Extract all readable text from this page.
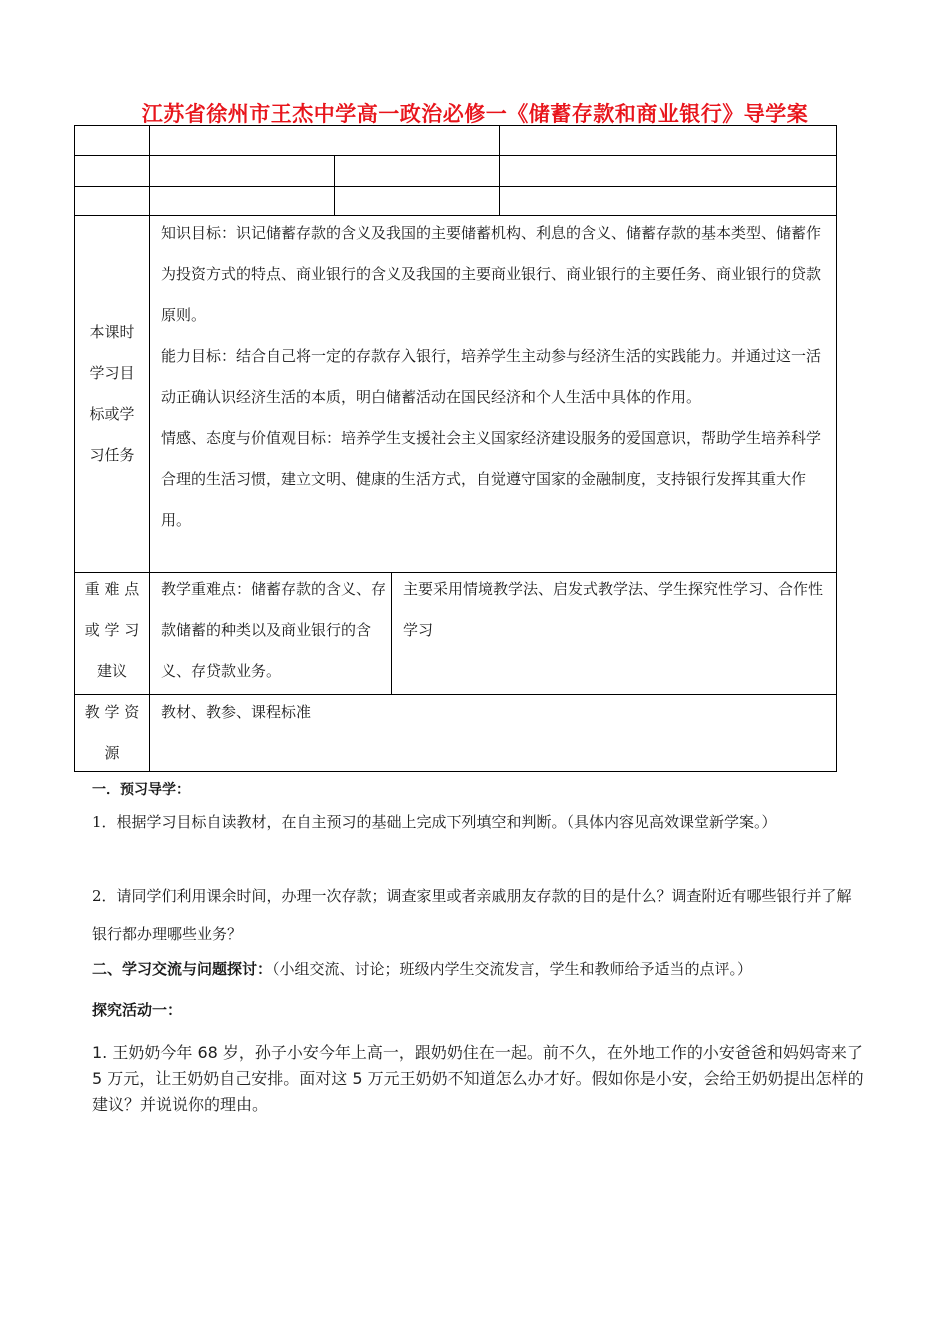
江苏省徐州市王杰中学高一政治必修一《储蓄存款和商业银行》导学案
本课时
学习目
标或学
习任务
知识目标：识记储蓄存款的含义及我国的主要储蓄机构、利息的含义、储蓄存款的基本类型、储蓄作为投资方式的特点、商业银行的含义及我国的主要商业银行、商业银行的主要任务、商业银行的贷款原则。
能力目标：结合自己将一定的存款存入银行，培养学生主动参与经济生活的实践能力。并通过这一活动正确认识经济生活的本质，明白储蓄活动在国民经济和个人生活中具体的作用。
情感、态度与价值观目标：培养学生支援社会主义国家经济建设服务的爱国意识，帮助学生培养科学合理的生活习惯，建立文明、健康的生活方式，自觉遵守国家的金融制度，支持银行发挥其重大作用。
重 难 点
或 学 习
建议
教学重难点：储蓄存款的含义、存款储蓄的种类以及商业银行的含义、存贷款业务。
主要采用情境教学法、启发式教学法、学生探究性学习、合作性学习
教 学 资
源
教材、教参、课程标准
一．预习导学：
1．根据学习目标自读教材，在自主预习的基础上完成下列填空和判断。（具体内容见高效课堂新学案。）
2．请同学们利用课余时间，办理一次存款；调查家里或者亲戚朋友存款的目的是什么？调查附近有哪些银行并了解银行都办理哪些业务？
二、学习交流与问题探讨：（小组交流、讨论；班级内学生交流发言，学生和教师给予适当的点评。）
探究活动一：
1. 王奶奶今年 68 岁，孙子小安今年上高一，跟奶奶住在一起。前不久，在外地工作的小安爸爸和妈妈寄来了 5 万元，让王奶奶自己安排。面对这 5 万元王奶奶不知道怎么办才好。假如你是小安，会给王奶奶提出怎样的建议？并说说你的理由。
